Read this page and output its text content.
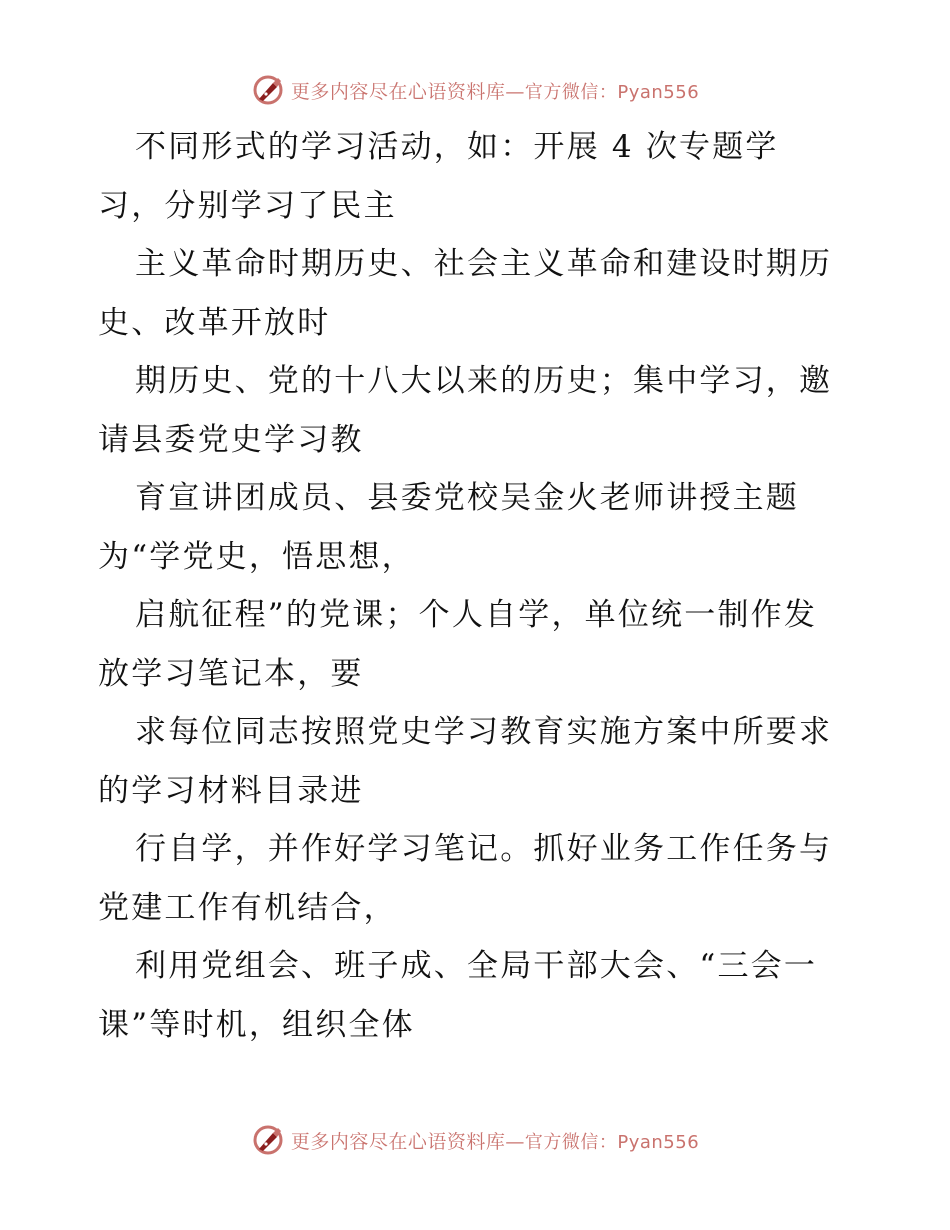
更多内容尽在心语资料库—官方微信：Pyan556
不同形式的学习活动，如：开展 4 次专题学
习，分别学习了民主
主义革命时期历史、社会主义革命和建设时期历
史、改革开放时
期历史、党的十八大以来的历史；集中学习，邀
请县委党史学习教
育宣讲团成员、县委党校吴金火老师讲授主题
为“学党史，悟思想，
启航征程”的党课；个人自学，单位统一制作发
放学习笔记本，要
求每位同志按照党史学习教育实施方案中所要求
的学习材料目录进
行自学，并作好学习笔记。抓好业务工作任务与
党建工作有机结合，
利用党组会、班子成、全局干部大会、“三会一
课”等时机，组织全体
更多内容尽在心语资料库—官方微信：Pyan556
